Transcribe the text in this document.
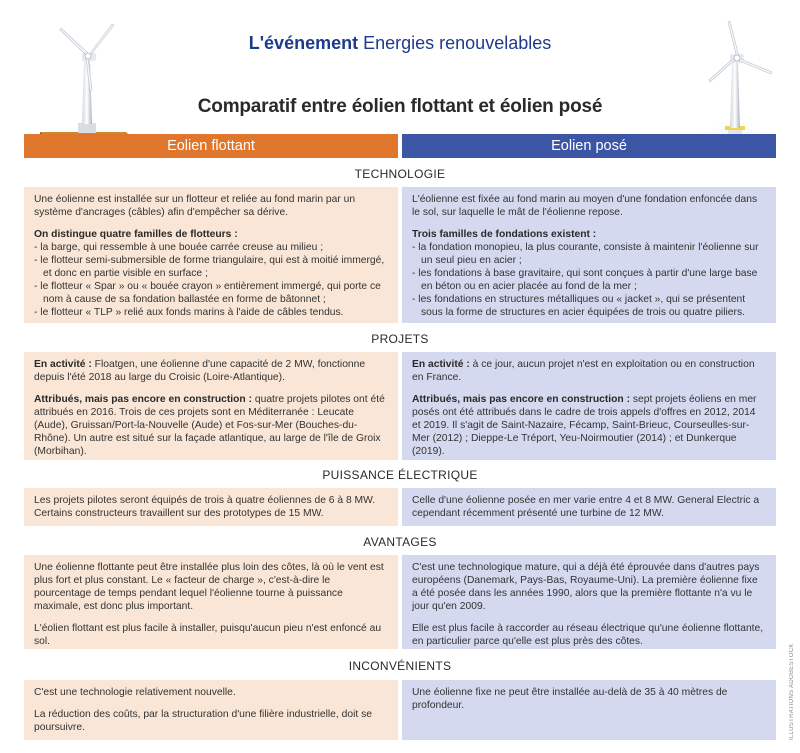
L'événement Energies renouvelables
Comparatif entre éolien flottant et éolien posé
Eolien flottant	Eolien posé
TECHNOLOGIE

Une éolienne est installée sur un flotteur et reliée au fond marin par un système d'ancrages (câbles) afin d'empêcher sa dérive.

On distingue quatre familles de flotteurs :
- la barge, qui ressemble à une bouée carrée creuse au milieu ;
- le flotteur semi-submersible de forme triangulaire, qui est à moitié immergé, et donc en partie visible en surface ;
- le flotteur « Spar » ou « bouée crayon » entièrement immergé, qui porte ce nom à cause de sa fondation ballastée en forme de bâtonnet ;
- le flotteur « TLP » relié aux fonds marins à l'aide de câbles tendus.

L'éolienne est fixée au fond marin au moyen d'une fondation enfoncée dans le sol, sur laquelle le mât de l'éolienne repose.

Trois familles de fondations existent :
- la fondation monopieu, la plus courante, consiste à maintenir l'éolienne sur un seul pieu en acier ;
- les fondations à base gravitaire, qui sont conçues à partir d'une large base en béton ou en acier placée au fond de la mer ;
- les fondations en structures métalliques ou « jacket », qui se présentent sous la forme de structures en acier équipées de trois ou quatre piliers.
PROJETS

En activité : Floatgen, une éolienne d'une capacité de 2 MW, fonctionne depuis l'été 2018 au large du Croisic (Loire-Atlantique).

Attribués, mais pas encore en construction : quatre projets pilotes ont été attribués en 2016. Trois de ces projets sont en Méditerranée : Leucate (Aude), Gruissan/Port-la-Nouvelle (Aude) et Fos-sur-Mer (Bouches-du-Rhône). Un autre est situé sur la façade atlantique, au large de l'île de Groix (Morbihan).

En activité : à ce jour, aucun projet n'est en exploitation ou en construction en France.

Attribués, mais pas encore en construction : sept projets éoliens en mer posés ont été attribués dans le cadre de trois appels d'offres en 2012, 2014 et 2019. Il s'agit de Saint-Nazaire, Fécamp, Saint-Brieuc, Courseulles-sur-Mer (2012) ; Dieppe-Le Tréport, Yeu-Noirmoutier (2014) ; et Dunkerque (2019).

PUISSANCE ÉLECTRIQUE

Les projets pilotes seront équipés de trois à quatre éoliennes de 6 à 8 MW. Certains constructeurs travaillent sur des prototypes de 15 MW.

Celle d'une éolienne posée en mer varie entre 4 et 8 MW. General Electric a cependant récemment présenté une turbine de 12 MW.

AVANTAGES

Une éolienne flottante peut être installée plus loin des côtes, là où le vent est plus fort et plus constant. Le « facteur de charge », c'est-à-dire le pourcentage de temps pendant lequel l'éolienne tourne à puissance maximale, est donc plus important.

L'éolien flottant est plus facile à installer, puisqu'aucun pieu n'est enfoncé au sol.

C'est une technologique mature, qui a déjà été éprouvée dans d'autres pays européens (Danemark, Pays-Bas, Royaume-Uni). La première éolienne fixe a été posée dans les années 1990, alors que la première flottante n'a vu le jour qu'en 2009.

Elle est plus facile à raccorder au réseau électrique qu'une éolienne flottante, en particulier parce qu'elle est plus près des côtes.

INCONVÉNIENTS

C'est une technologie relativement nouvelle.

La réduction des coûts, par la structuration d'une filière industrielle, doit se poursuivre.

Une éolienne fixe ne peut être installée au-delà de 35 à 40 mètres de profondeur.	ILLUSTRATIONS ADOBESTOCK
